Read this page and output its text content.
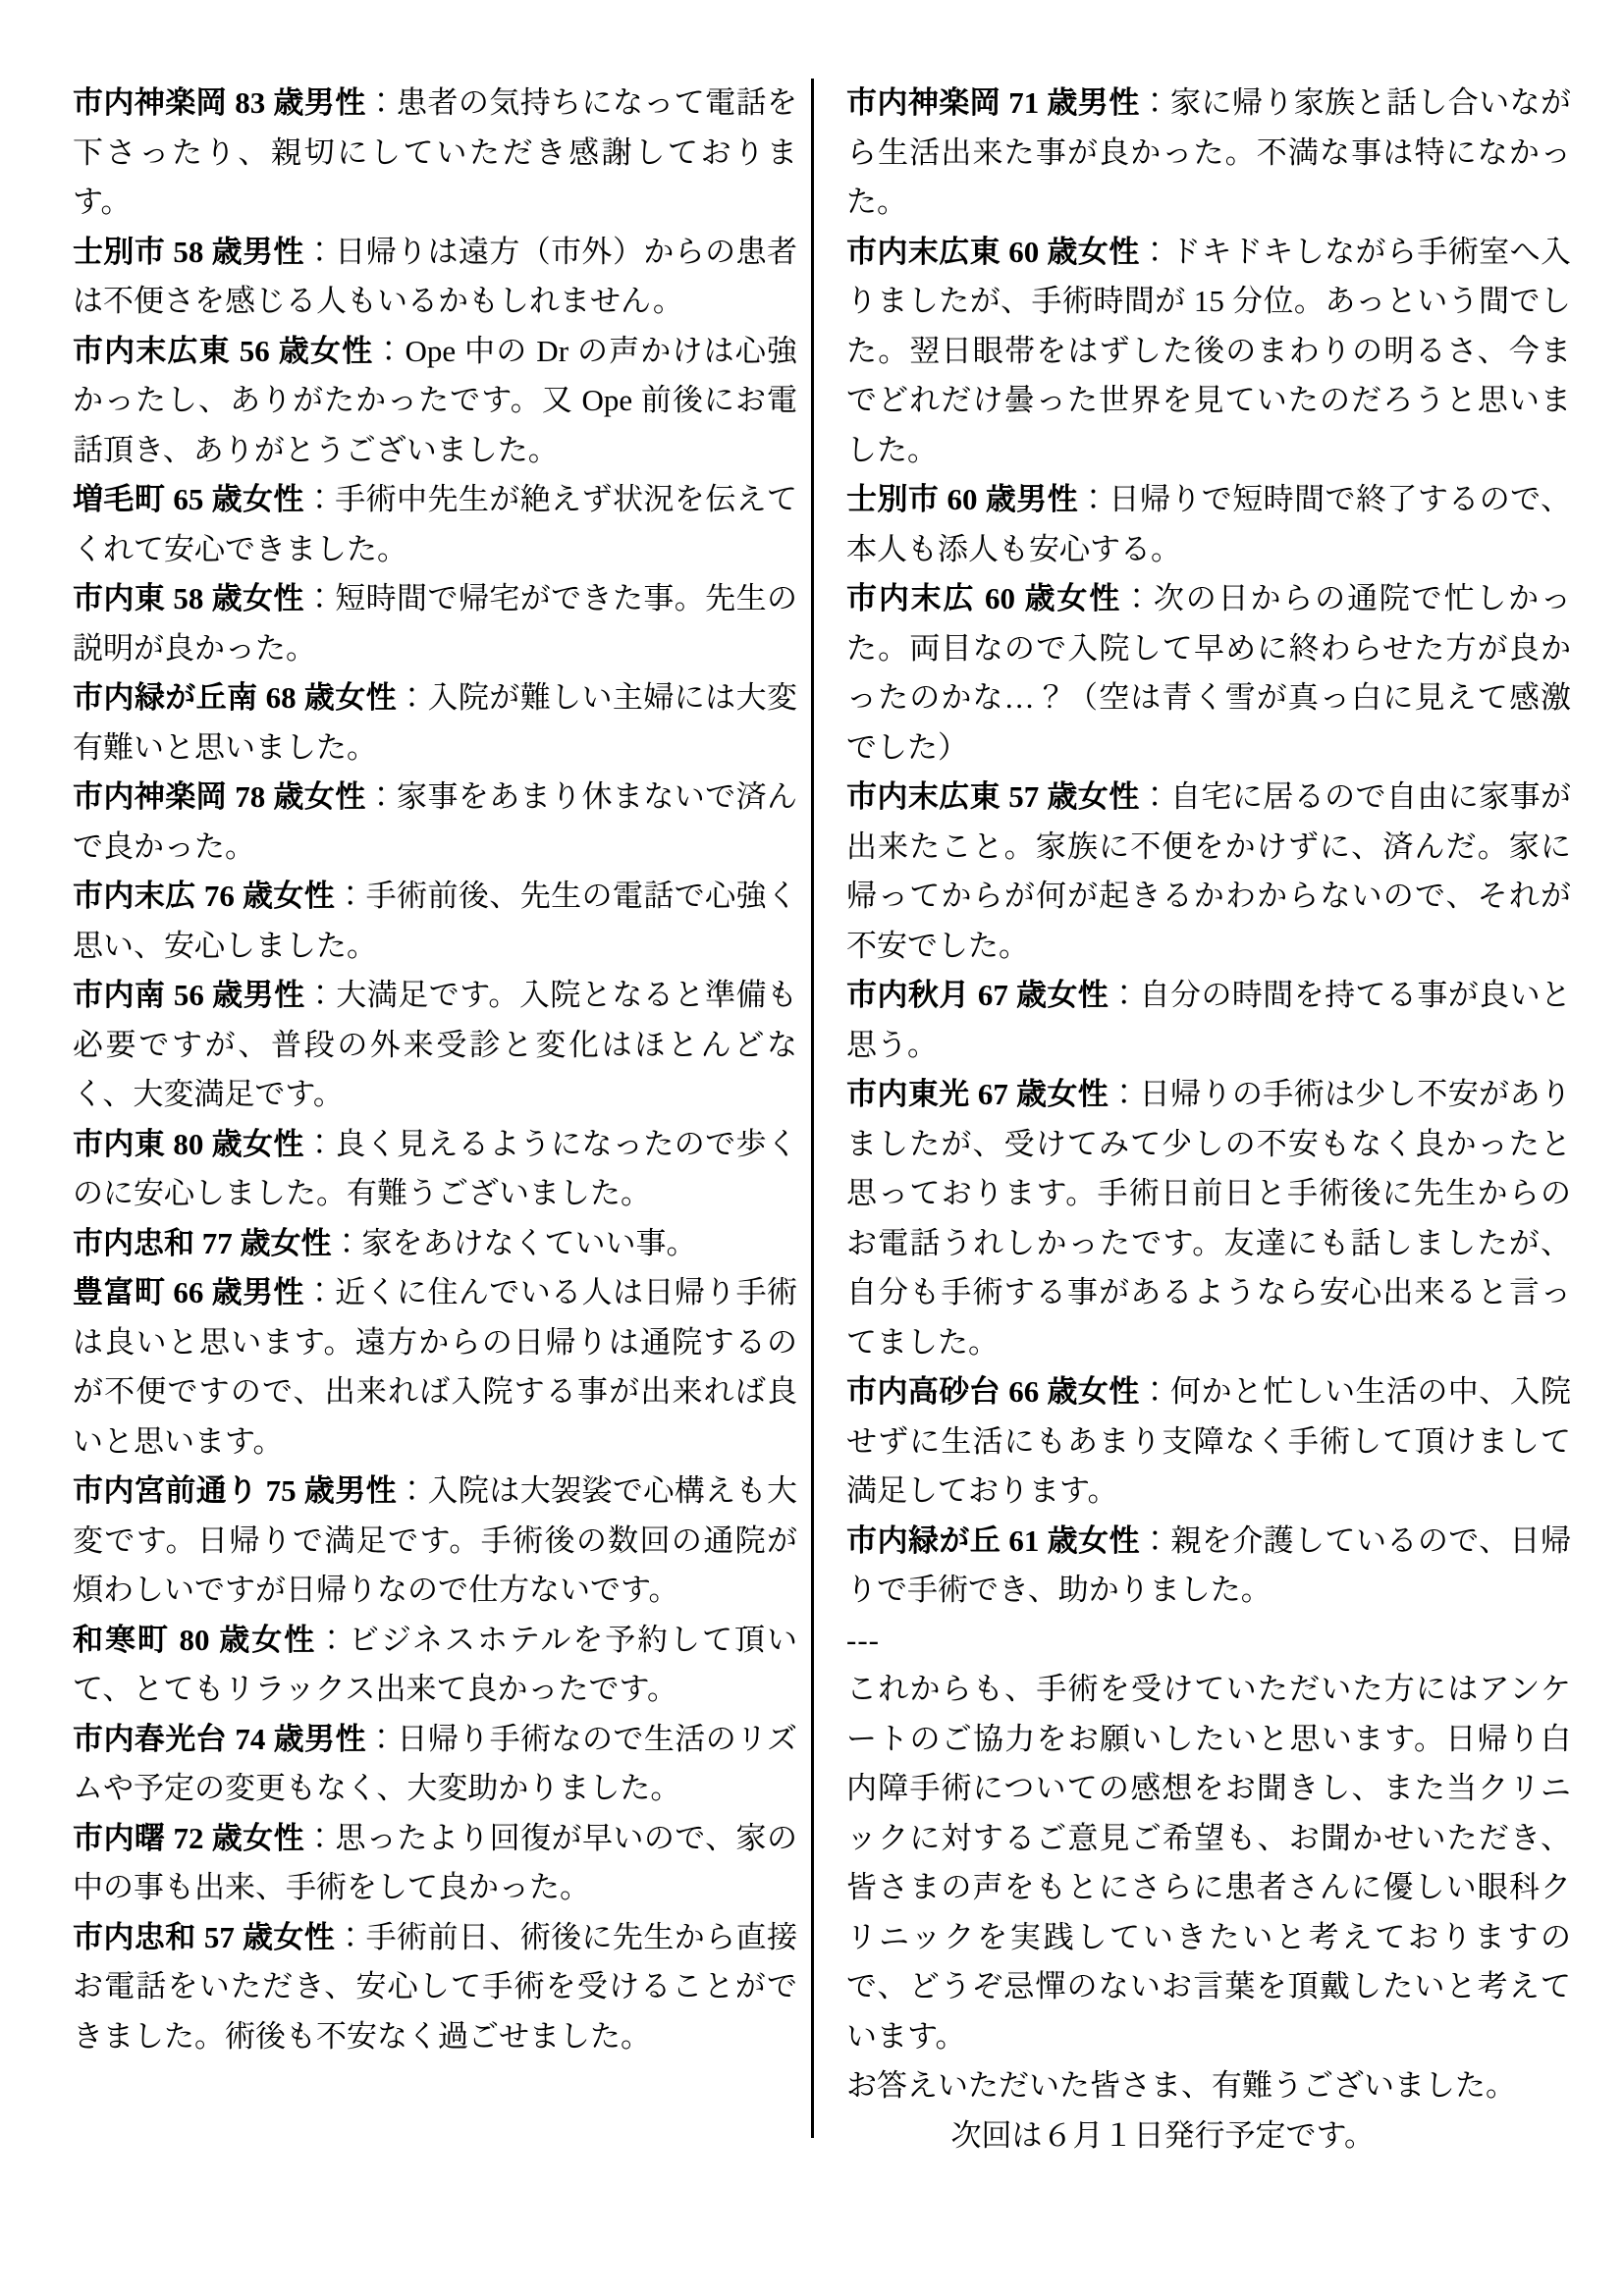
市内神楽岡 83 歳男性：患者の気持ちになって電話を下さったり、親切にしていただき感謝しております。

士別市 58 歳男性：日帰りは遠方（市外）からの患者は不便さを感じる人もいるかもしれません。

市内末広東 56 歳女性：Ope 中の Dr の声かけは心強かったし、ありがたかったです。又 Ope 前後にお電話頂き、ありがとうございました。

増毛町 65 歳女性：手術中先生が絶えず状況を伝えてくれて安心できました。

市内東 58 歳女性：短時間で帰宅ができた事。先生の説明が良かった。

市内緑が丘南 68 歳女性：入院が難しい主婦には大変有難いと思いました。

市内神楽岡 78 歳女性：家事をあまり休まないで済んで良かった。

市内末広 76 歳女性：手術前後、先生の電話で心強く思い、安心しました。

市内南 56 歳男性：大満足です。入院となると準備も必要ですが、普段の外来受診と変化はほとんどなく、大変満足です。

市内東 80 歳女性：良く見えるようになったので歩くのに安心しました。有難うございました。

市内忠和 77 歳女性：家をあけなくていい事。

豊富町 66 歳男性：近くに住んでいる人は日帰り手術は良いと思います。遠方からの日帰りは通院するのが不便ですので、出来れば入院する事が出来れば良いと思います。

市内宮前通り 75 歳男性：入院は大袈裟で心構えも大変です。日帰りで満足です。手術後の数回の通院が煩わしいですが日帰りなので仕方ないです。

和寒町 80 歳女性：ビジネスホテルを予約して頂いて、とてもリラックス出来て良かったです。

市内春光台 74 歳男性：日帰り手術なので生活のリズムや予定の変更もなく、大変助かりました。

市内曙 72 歳女性：思ったより回復が早いので、家の中の事も出来、手術をして良かった。

市内忠和 57 歳女性：手術前日、術後に先生から直接お電話をいただき、安心して手術を受けることができました。術後も不安なく過ごせました。

市内神楽岡 71 歳男性：家に帰り家族と話し合いながら生活出来た事が良かった。不満な事は特になかった。

市内末広東 60 歳女性：ドキドキしながら手術室へ入りましたが、手術時間が 15 分位。あっという間でした。翌日眼帯をはずした後のまわりの明るさ、今までどれだけ曇った世界を見ていたのだろうと思いました。

士別市 60 歳男性：日帰りで短時間で終了するので、本人も添人も安心する。

市内末広 60 歳女性：次の日からの通院で忙しかった。両目なので入院して早めに終わらせた方が良かったのかな…？（空は青く雪が真っ白に見えて感激でした）

市内末広東 57 歳女性：自宅に居るので自由に家事が出来たこと。家族に不便をかけずに、済んだ。家に帰ってからが何が起きるかわからないので、それが不安でした。

市内秋月 67 歳女性：自分の時間を持てる事が良いと思う。

市内東光 67 歳女性：日帰りの手術は少し不安がありましたが、受けてみて少しの不安もなく良かったと思っております。手術日前日と手術後に先生からのお電話うれしかったです。友達にも話しましたが、自分も手術する事があるようなら安心出来ると言ってました。

市内高砂台 66 歳女性：何かと忙しい生活の中、入院せずに生活にもあまり支障なく手術して頂けまして満足しております。

市内緑が丘 61 歳女性：親を介護しているので、日帰りで手術でき、助かりました。

---

これからも、手術を受けていただいた方にはアンケートのご協力をお願いしたいと思います。日帰り白内障手術についての感想をお聞きし、また当クリニックに対するご意見ご希望も、お聞かせいただき、皆さまの声をもとにさらに患者さんに優しい眼科クリニックを実践していきたいと考えておりますので、どうぞ忌憚のないお言葉を頂戴したいと考えています。

お答えいただいた皆さま、有難うございました。

次回は６月１日発行予定です。
